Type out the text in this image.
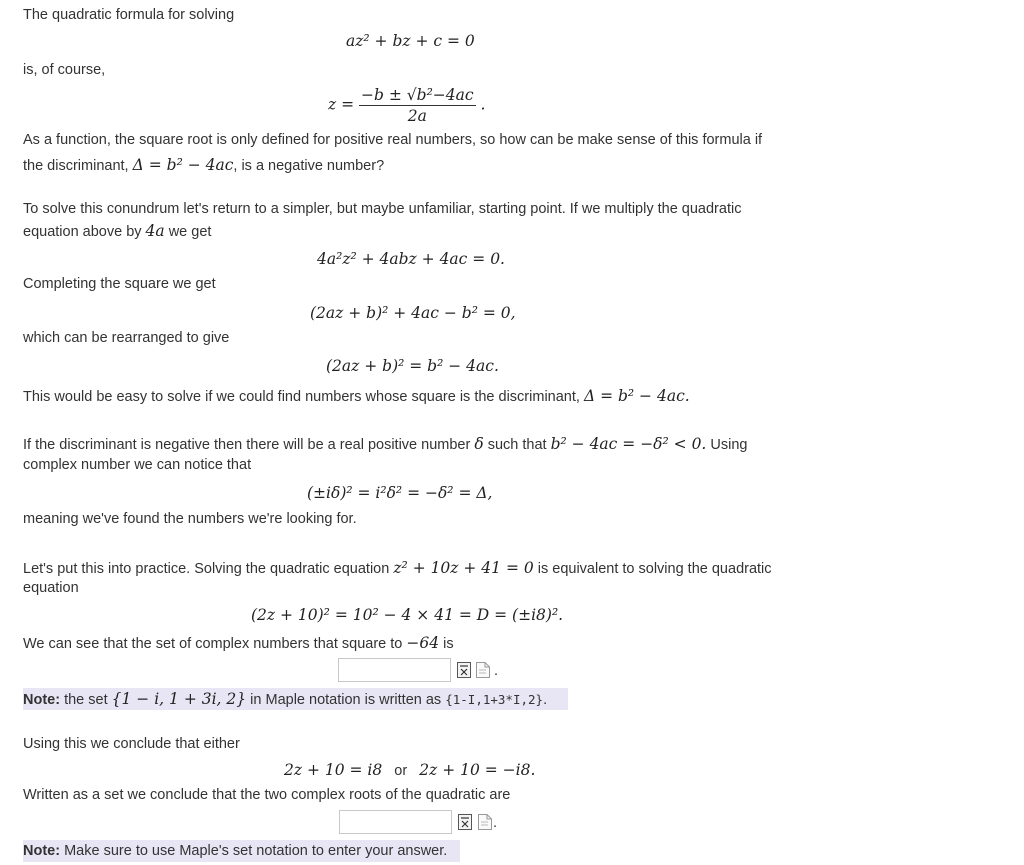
The quadratic formula for solving
az² + bz + c = 0
is, of course,
$z = \frac{\text{−b ± √b²−4ac}}{2a}$ .
As a function, the square root is only defined for positive real numbers, so how can be make sense of this formula if
the discriminant, Δ = b² − 4ac, is a negative number?
To solve this conundrum let's return to a simpler, but maybe unfamiliar, starting point. If we multiply the quadratic
equation above by 4a we get
4a²z² + 4abz + 4ac = 0.
Completing the square we get
(2az + b)² + 4ac − b² = 0,
which can be rearranged to give
(2az + b)² = b² − 4ac.
This would be easy to solve if we could find numbers whose square is the discriminant, Δ = b² − 4ac.
If the discriminant is negative then there will be a real positive number δ such that b² − 4ac = −δ² < 0. Using
complex number we can notice that
(±iδ)² = i²δ² = −δ² = Δ,
meaning we've found the numbers we're looking for.
Let's put this into practice. Solving the quadratic equation z² + 10z + 41 = 0 is equivalent to solving the quadratic
equation
(2z + 10)² = 10² − 4 × 41 = D = (±i8)².
We can see that the set of complex numbers that square to −64 is
.
Note: the set {1 − i, 1 + 3i, 2} in Maple notation is written as {1-I,1+3*I,2}.
Using this we conclude that either
2z + 10 = i8 or 2z + 10 = −i8.
Written as a set we conclude that the two complex roots of the quadratic are
.
Note: Make sure to use Maple's set notation to enter your answer.
